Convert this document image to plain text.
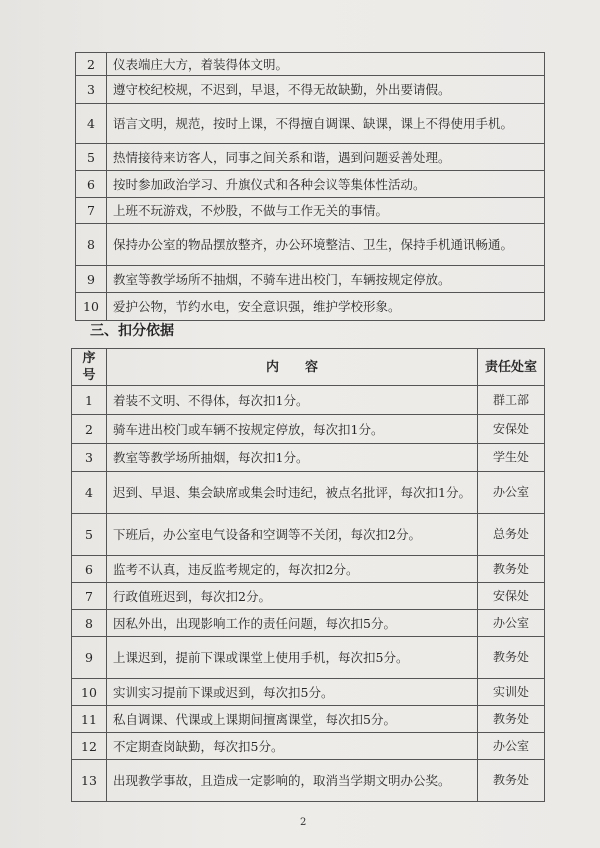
2	仪表端庄大方，着装得体文明。
3	遵守校纪校规，不迟到，早退，不得无故缺勤，外出要请假。
4	语言文明，规范，按时上课，不得擅自调课、缺课，课上不得使用手机。
5	热情接待来访客人，同事之间关系和谐，遇到问题妥善处理。
6	按时参加政治学习、升旗仪式和各种会议等集体性活动。
7	上班不玩游戏，不炒股，不做与工作无关的事情。
8	保持办公室的物品摆放整齐，办公环境整洁、卫生，保持手机通讯畅通。
9	教室等教学场所不抽烟，不骑车进出校门，车辆按规定停放。
10	爱护公物，节约水电，安全意识强，维护学校形象。
三、扣分依据
序号	内　　容	责任处室
1	着装不文明、不得体，每次扣1分。	群工部
2	骑车进出校门或车辆不按规定停放，每次扣1分。	安保处
3	教室等教学场所抽烟，每次扣1分。	学生处
4	迟到、早退、集会缺席或集会时违纪，被点名批评，每次扣1分。	办公室
5	下班后，办公室电气设备和空调等不关闭，每次扣2分。	总务处
6	监考不认真，违反监考规定的，每次扣2分。	教务处
7	行政值班迟到，每次扣2分。	安保处
8	因私外出，出现影响工作的责任问题，每次扣5分。	办公室
9	上课迟到，提前下课或课堂上使用手机，每次扣5分。	教务处
10	实训实习提前下课或迟到，每次扣5分。	实训处
11	私自调课、代课或上课期间擅离课堂，每次扣5分。	教务处
12	不定期查岗缺勤，每次扣5分。	办公室
13	出现教学事故，且造成一定影响的，取消当学期文明办公奖。	教务处
2
